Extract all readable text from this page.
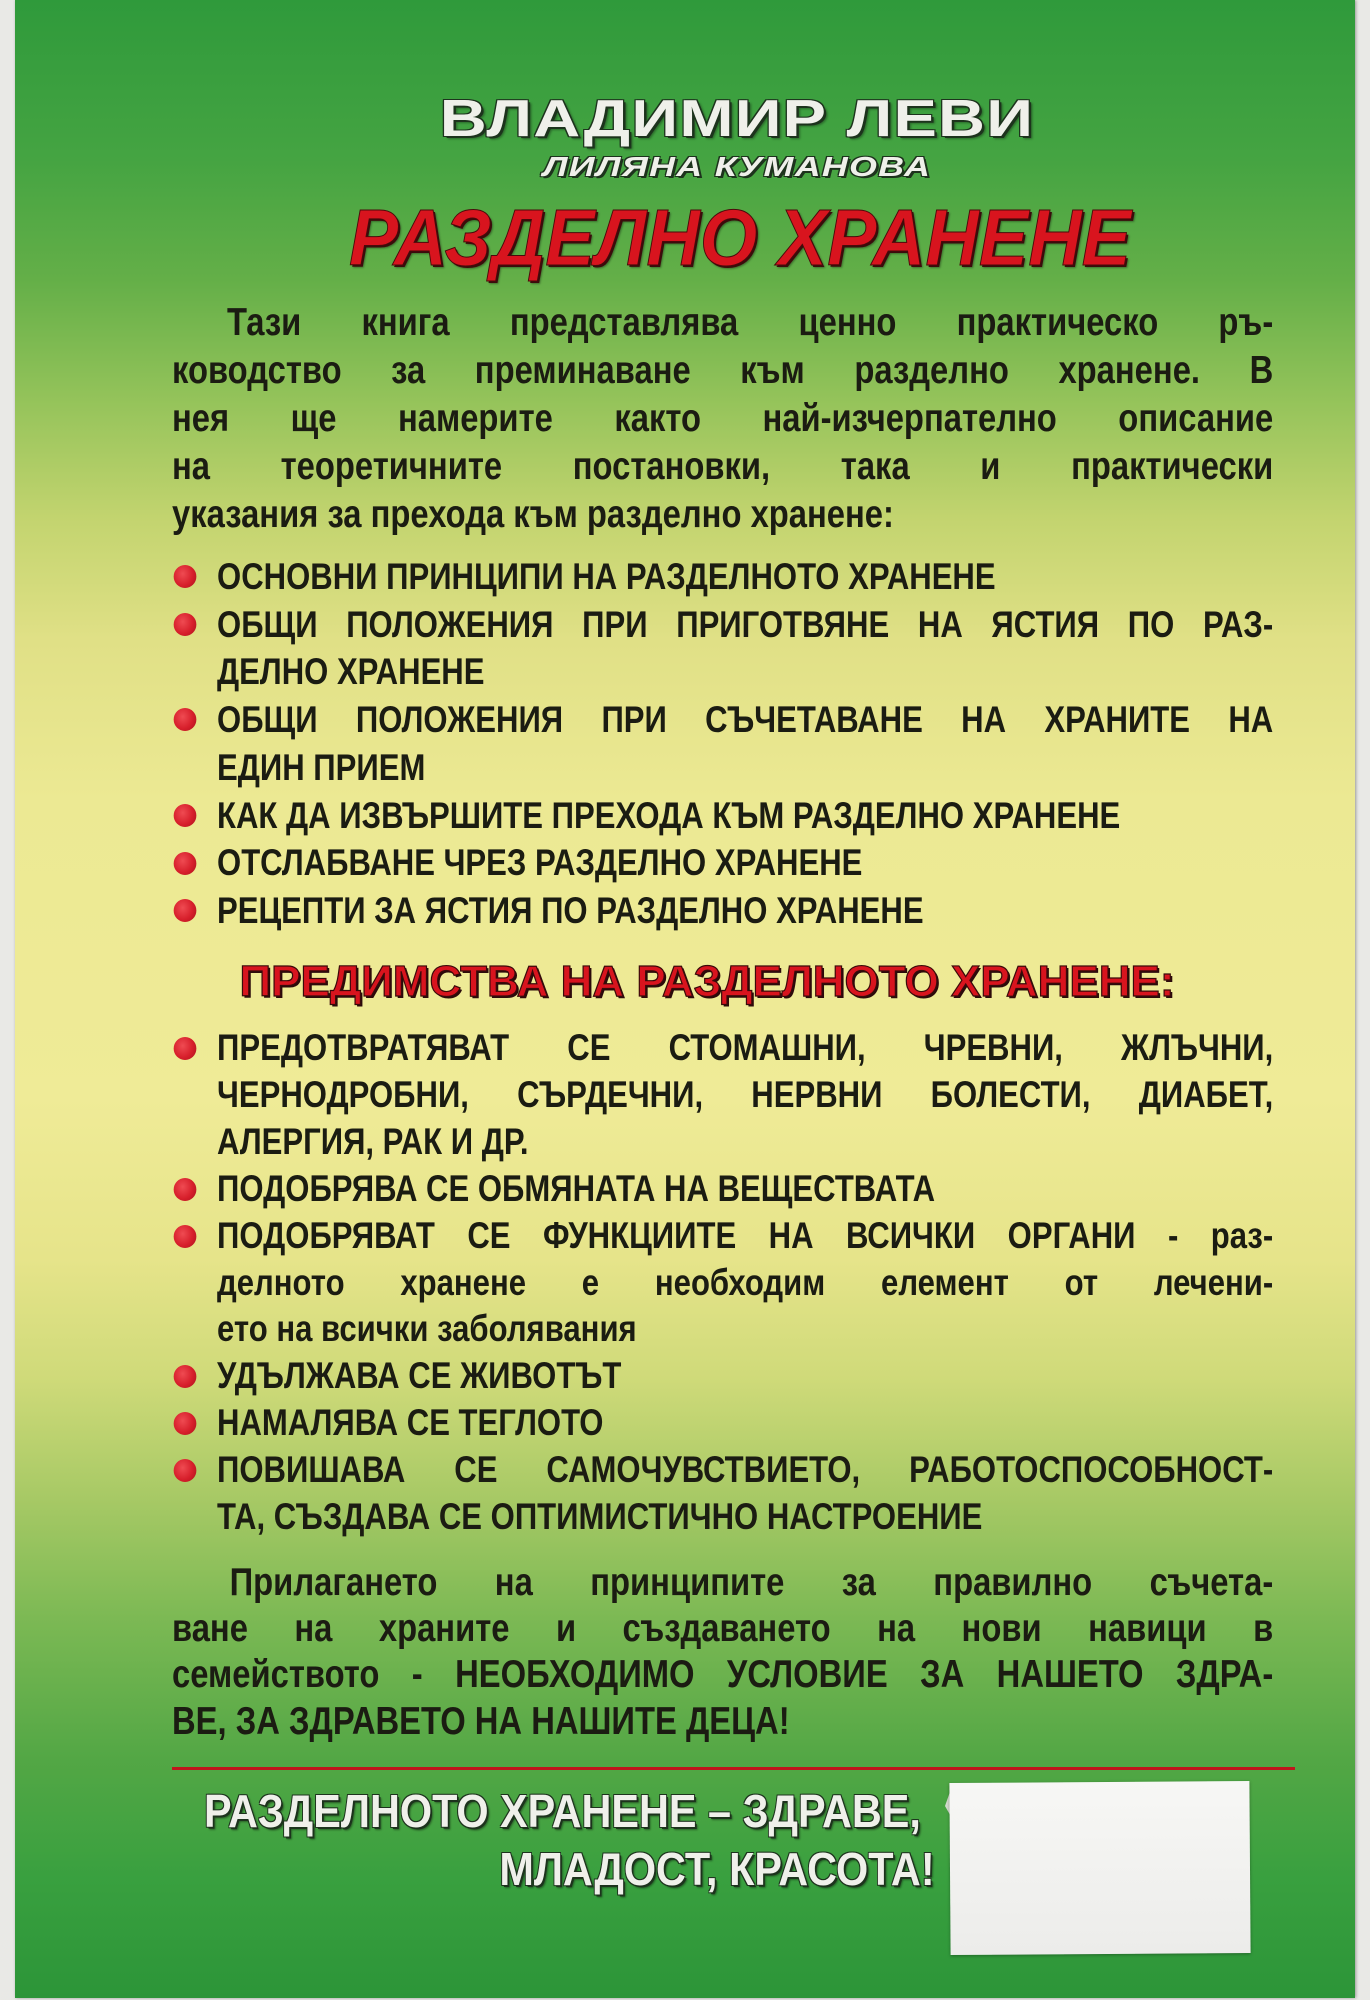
ВЛАДИМИР ЛЕВИ
ЛИЛЯНА КУМАНОВА
РАЗДЕЛНО ХРАНЕНЕ
Тази книга представлява ценно практическо ръ-
ководство за преминаване към разделно хранене. В
нея ще намерите както най-изчерпателно описание
на теоретичните постановки, така и практически
указания за прехода към разделно хранене:
ОСНОВНИ ПРИНЦИПИ НА РАЗДЕЛНОТО ХРАНЕНЕ
ОБЩИ ПОЛОЖЕНИЯ ПРИ ПРИГОТВЯНЕ НА ЯСТИЯ ПО РАЗ-
ДЕЛНО ХРАНЕНЕ
ОБЩИ ПОЛОЖЕНИЯ ПРИ СЪЧЕТАВАНЕ НА ХРАНИТЕ НА
ЕДИН ПРИЕМ
КАК ДА ИЗВЪРШИТЕ ПРЕХОДА КЪМ РАЗДЕЛНО ХРАНЕНЕ
ОТСЛАБВАНЕ ЧРЕЗ РАЗДЕЛНО ХРАНЕНЕ
РЕЦЕПТИ ЗА ЯСТИЯ ПО РАЗДЕЛНО ХРАНЕНЕ
ПРЕДИМСТВА НА РАЗДЕЛНОТО ХРАНЕНЕ:
ПРЕДОТВРАТЯВАТ СЕ СТОМАШНИ, ЧРЕВНИ, ЖЛЪЧНИ,
ЧЕРНОДРОБНИ, СЪРДЕЧНИ, НЕРВНИ БОЛЕСТИ, ДИАБЕТ,
АЛЕРГИЯ, РАК И ДР.
ПОДОБРЯВА СЕ ОБМЯНАТА НА ВЕЩЕСТВАТА
ПОДОБРЯВАТ СЕ ФУНКЦИИТЕ НА ВСИЧКИ ОРГАНИ - раз-
делното хранене е необходим елемент от лечени-
ето на всички заболявания
УДЪЛЖАВА СЕ ЖИВОТЪТ
НАМАЛЯВА СЕ ТЕГЛОТО
ПОВИШАВА СЕ САМОЧУВСТВИЕТО, РАБОТОСПОСОБНОСТ-
ТА, СЪЗДАВА СЕ ОПТИМИСТИЧНО НАСТРОЕНИЕ
Прилагането на принципите за правилно съчета-
ване на храните и създаването на нови навици в
семейството - НЕОБХОДИМО УСЛОВИЕ ЗА НАШЕТО ЗДРА-
ВЕ, ЗА ЗДРАВЕТО НА НАШИТЕ ДЕЦА!
РАЗДЕЛНОТО ХРАНЕНЕ – ЗДРАВЕ,
МЛАДОСТ, КРАСОТА!
